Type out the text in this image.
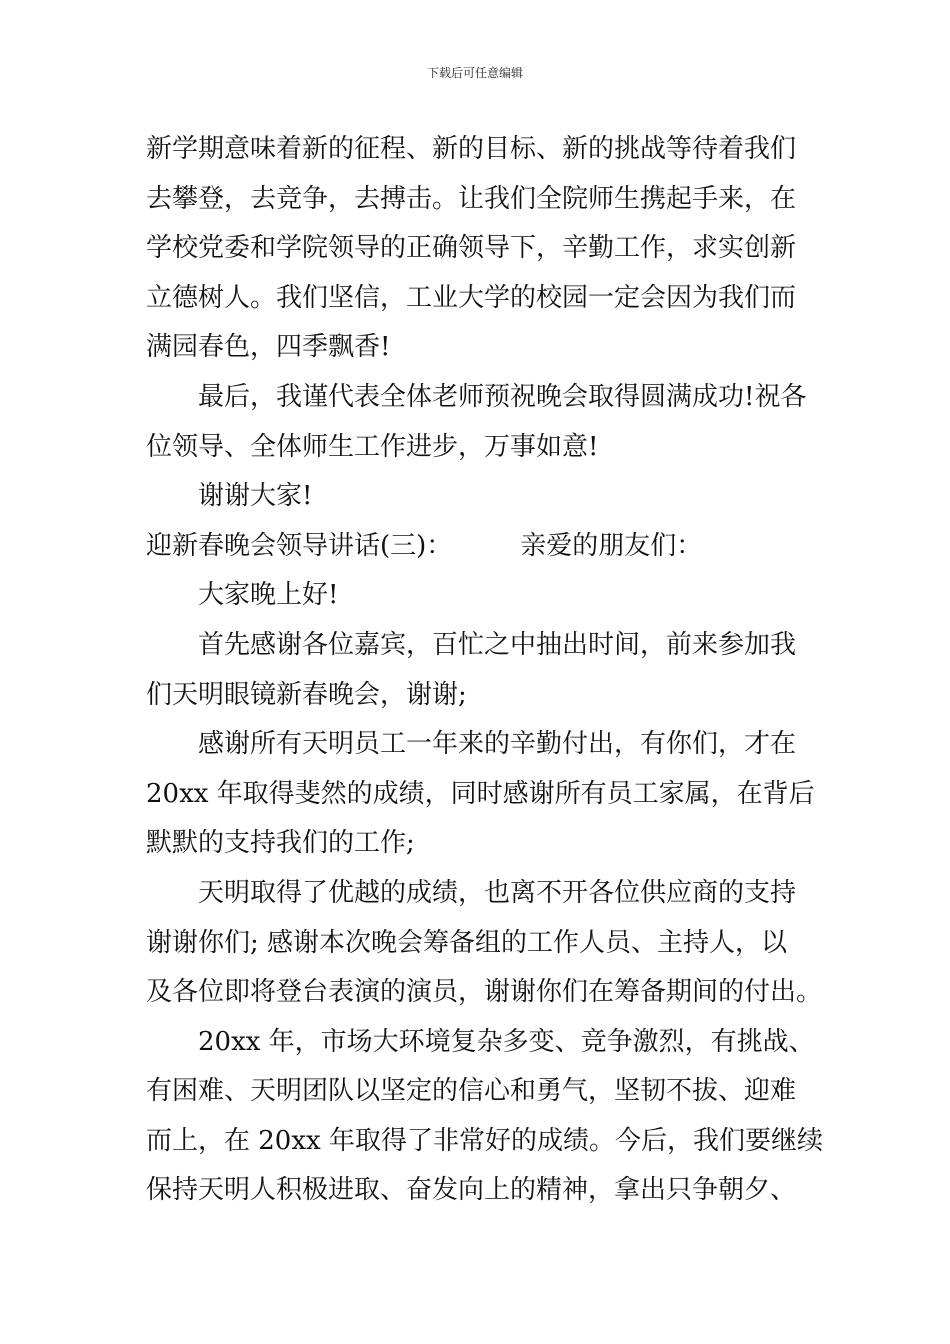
下载后可任意编辑
新学期意味着新的征程、新的目标、新的挑战等待着我们
去攀登，去竞争，去搏击。让我们全院师生携起手来，在
学校党委和学院领导的正确领导下，辛勤工作，求实创新
立德树人。我们坚信，工业大学的校园一定会因为我们而
满园春色，四季飘香!
最后，我谨代表全体老师预祝晚会取得圆满成功!祝各
位领导、全体师生工作进步，万事如意!
谢谢大家!
迎新春晚会领导讲话(三)：	亲爱的朋友们：
大家晚上好!
首先感谢各位嘉宾，百忙之中抽出时间，前来参加我
们天明眼镜新春晚会，谢谢;
感谢所有天明员工一年来的辛勤付出，有你们，才在
20xx 年取得斐然的成绩，同时感谢所有员工家属，在背后
默默的支持我们的工作;
天明取得了优越的成绩，也离不开各位供应商的支持
谢谢你们; 感谢本次晚会筹备组的工作人员、主持人，以
及各位即将登台表演的演员，谢谢你们在筹备期间的付出。
20xx 年，市场大环境复杂多变、竞争激烈，有挑战、
有困难、天明团队以坚定的信心和勇气，坚韧不拔、迎难
而上，在 20xx 年取得了非常好的成绩。今后，我们要继续
保持天明人积极进取、奋发向上的精神，拿出只争朝夕、
